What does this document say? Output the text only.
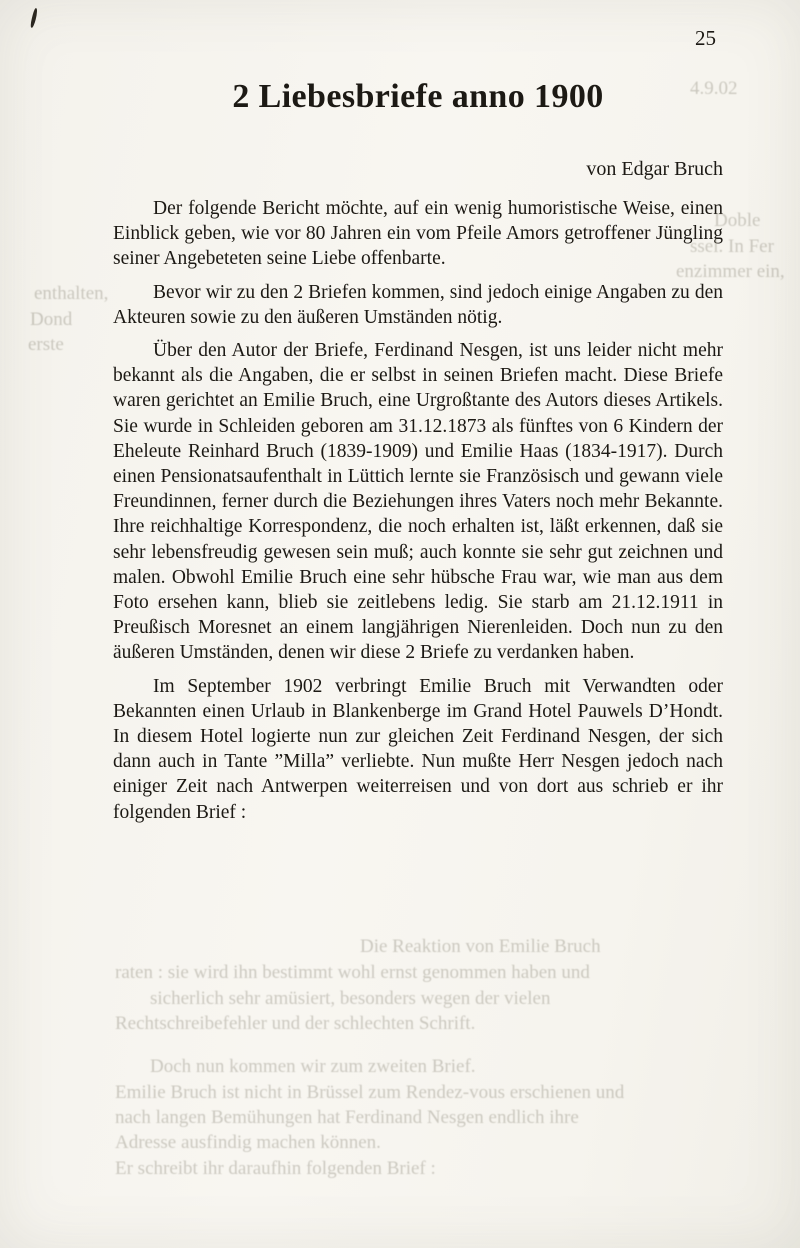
25
2 Liebesbriefe anno 1900
von Edgar Bruch

Der folgende Bericht möchte, auf ein wenig humoristische Weise, einen Einblick geben, wie vor 80 Jahren ein vom Pfeile Amors getroffener Jüngling seiner Angebeteten seine Liebe offenbarte.

Bevor wir zu den 2 Briefen kommen, sind jedoch einige Angaben zu den Akteuren sowie zu den äußeren Umständen nötig.

Über den Autor der Briefe, Ferdinand Nesgen, ist uns leider nicht mehr bekannt als die Angaben, die er selbst in seinen Briefen macht. Diese Briefe waren gerichtet an Emilie Bruch, eine Urgroßtante des Autors dieses Artikels. Sie wurde in Schleiden geboren am 31.12.1873 als fünftes von 6 Kindern der Eheleute Reinhard Bruch (1839-1909) und Emilie Haas (1834-1917). Durch einen Pensionatsaufenthalt in Lüttich lernte sie Französisch und gewann viele Freundinnen, ferner durch die Beziehungen ihres Vaters noch mehr Bekannte. Ihre reichhaltige Korrespondenz, die noch erhalten ist, läßt erkennen, daß sie sehr lebensfreudig gewesen sein muß; auch konnte sie sehr gut zeichnen und malen. Obwohl Emilie Bruch eine sehr hübsche Frau war, wie man aus dem Foto ersehen kann, blieb sie zeitlebens ledig. Sie starb am 21.12.1911 in Preußisch Moresnet an einem langjährigen Nierenleiden. Doch nun zu den äußeren Umständen, denen wir diese 2 Briefe zu verdanken haben.

Im September 1902 verbringt Emilie Bruch mit Verwandten oder Bekannten einen Urlaub in Blankenberge im Grand Hotel Pauwels D’Hondt. In diesem Hotel logierte nun zur gleichen Zeit Ferdinand Nesgen, der sich dann auch in Tante ”Milla” verliebte. Nun mußte Herr Nesgen jedoch nach einiger Zeit nach Antwerpen weiterreisen und von dort aus schrieb er ihr folgenden Brief :

4.9.02
Doble
ssel. In Fer
enzimmer ein,
enthalten,
Dond
erste
Die Reaktion von Emilie Bruch
raten : sie wird ihn bestimmt wohl ernst genommen haben und
sicherlich sehr amüsiert, besonders wegen der vielen
Rechtschreibefehler und der schlechten Schrift.
Doch nun kommen wir zum zweiten Brief.
Emilie Bruch ist nicht in Brüssel zum Rendez-vous erschienen und
nach langen Bemühungen hat Ferdinand Nesgen endlich ihre
Adresse ausfindig machen können.
Er schreibt ihr daraufhin folgenden Brief :
